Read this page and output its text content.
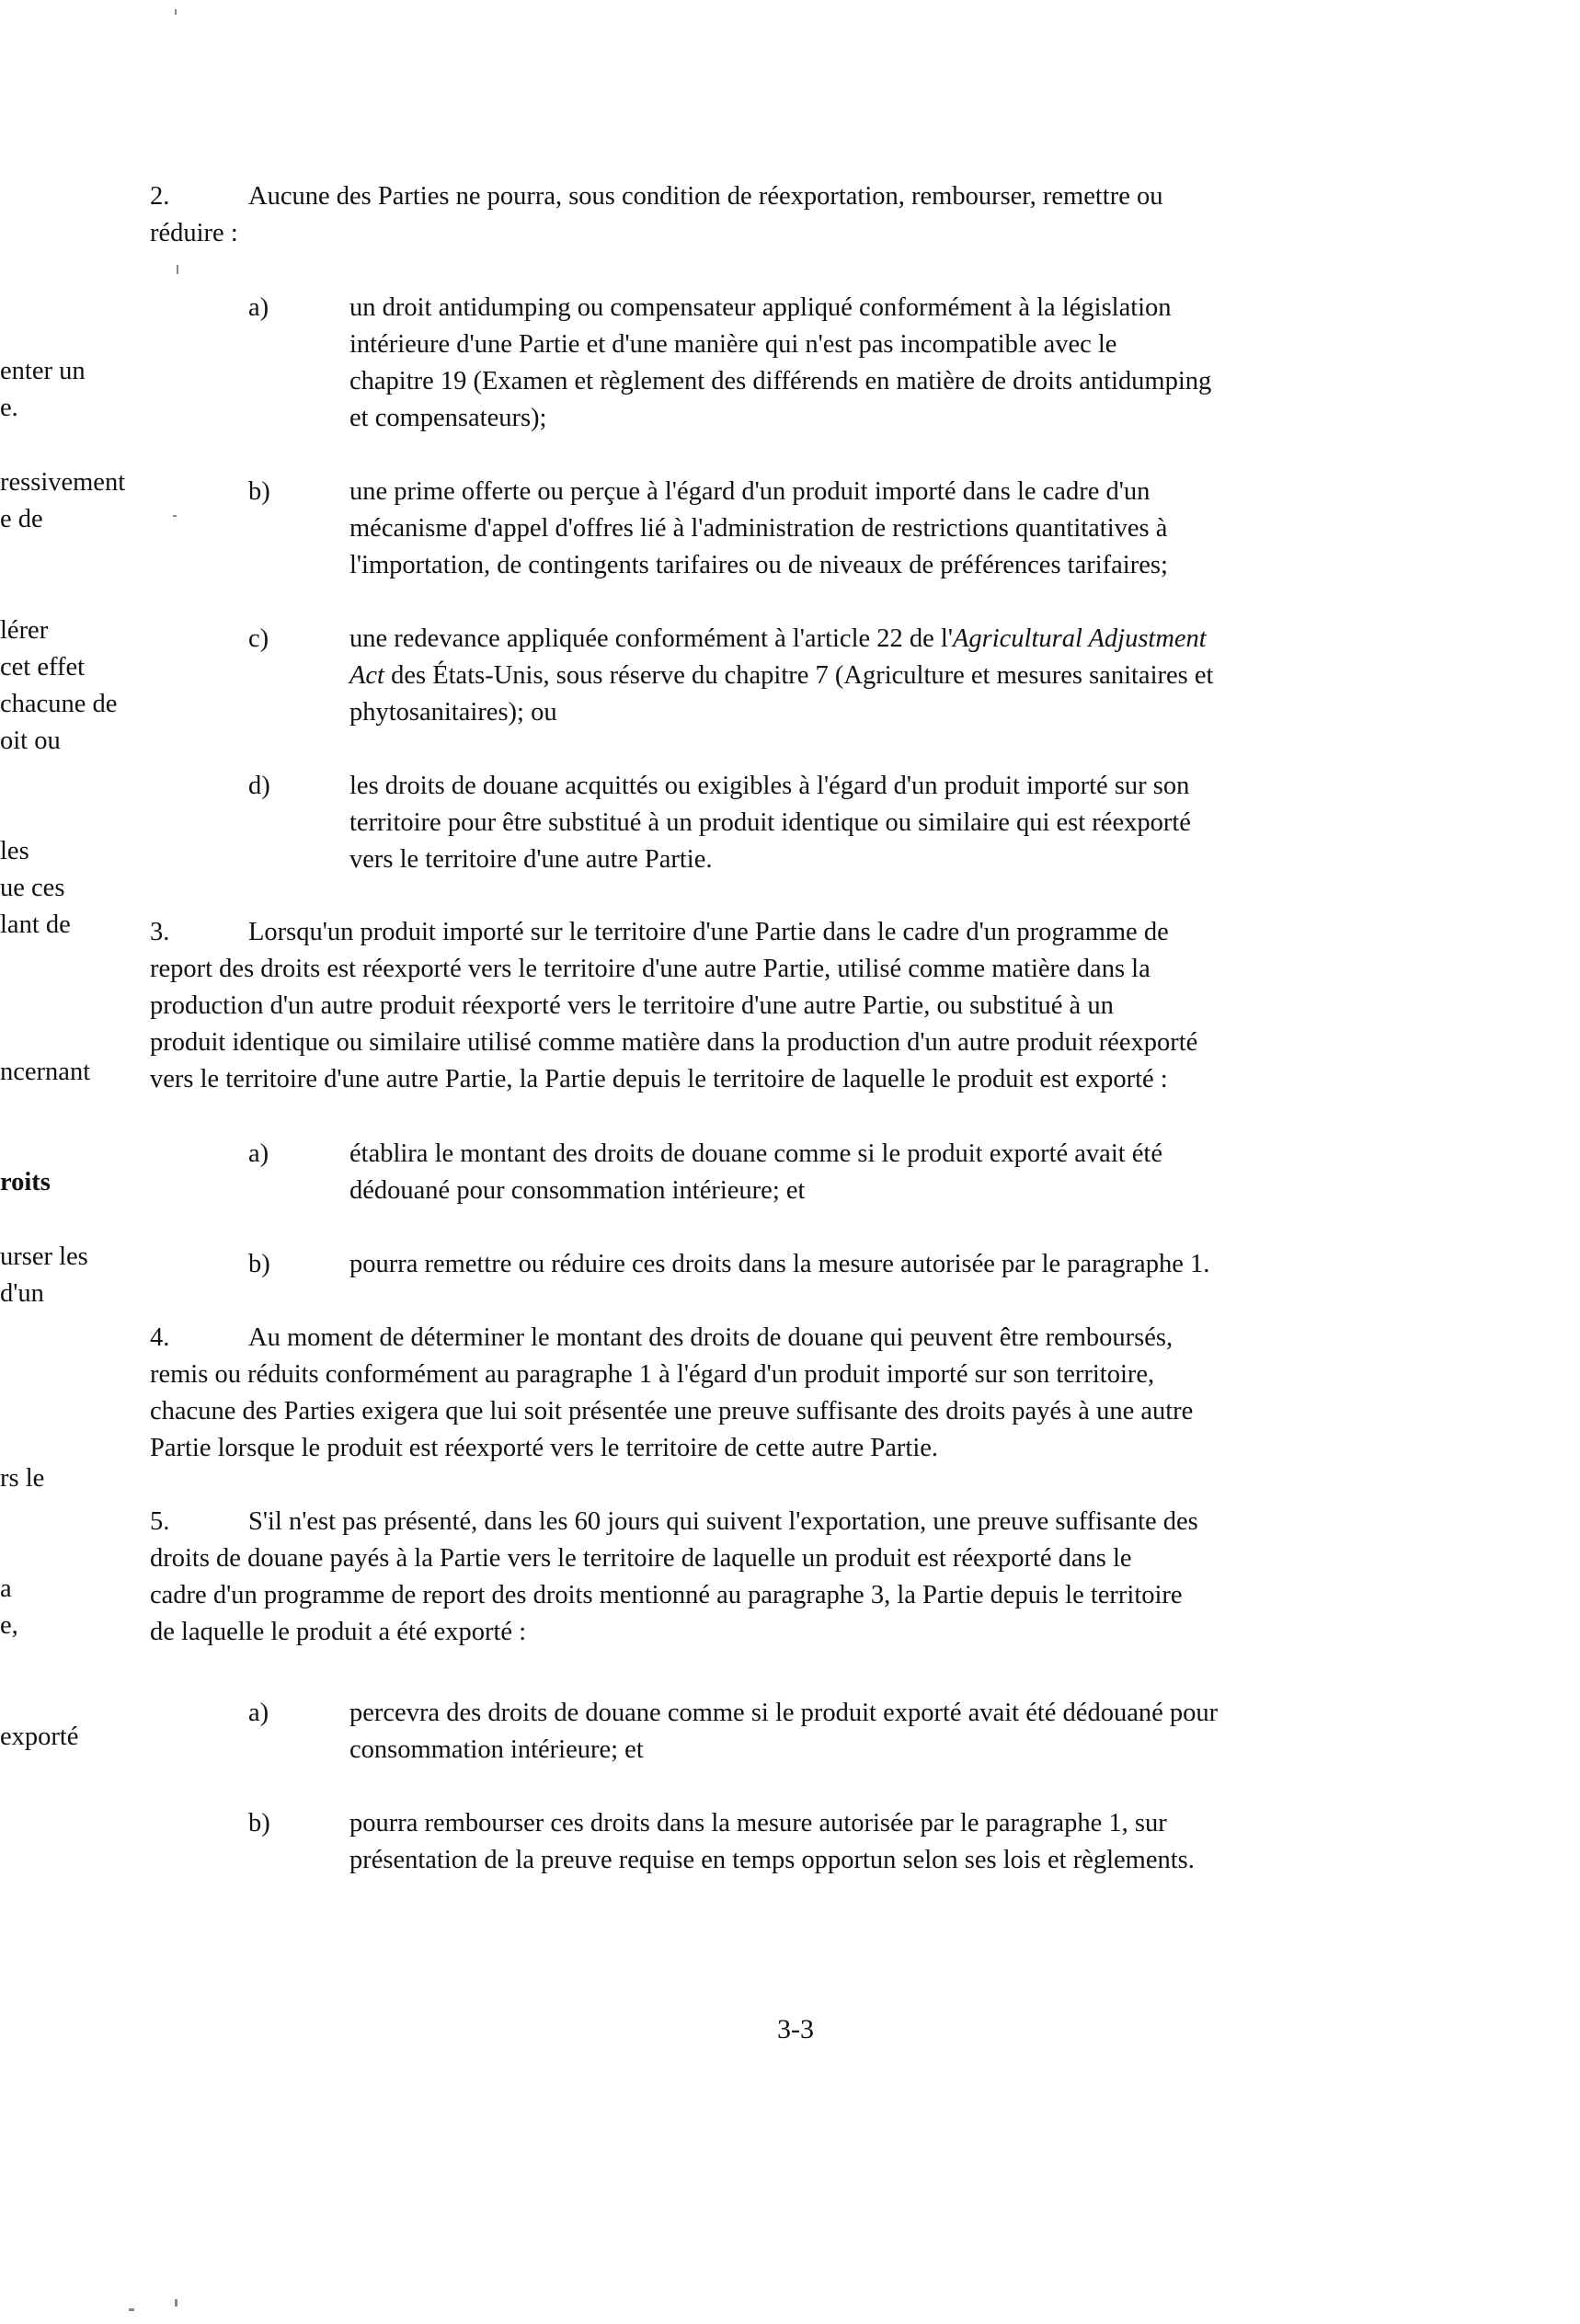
enter un
e.
ressivement
e de
lérer
cet effet
chacune de
oit ou
les
ue ces
lant de
ncernant
roits
urser les
d'un
rs le
a
e,
exporté
2.	Aucune des Parties ne pourra, sous condition de réexportation, rembourser, remettre ou
réduire :
a)	un droit antidumping ou compensateur appliqué conformément à la législation
intérieure d'une Partie et d'une manière qui n'est pas incompatible avec le
chapitre 19 (Examen et règlement des différends en matière de droits antidumping
et compensateurs);
b)	une prime offerte ou perçue à l'égard d'un produit importé dans le cadre d'un
mécanisme d'appel d'offres lié à l'administration de restrictions quantitatives à
l'importation, de contingents tarifaires ou de niveaux de préférences tarifaires;
c)	une redevance appliquée conformément à l'article 22 de l'Agricultural Adjustment
Act des États-Unis, sous réserve du chapitre 7 (Agriculture et mesures sanitaires et
phytosanitaires); ou
d)	les droits de douane acquittés ou exigibles à l'égard d'un produit importé sur son
territoire pour être substitué à un produit identique ou similaire qui est réexporté
vers le territoire d'une autre Partie.
3.	Lorsqu'un produit importé sur le territoire d'une Partie dans le cadre d'un programme de
report des droits est réexporté vers le territoire d'une autre Partie, utilisé comme matière dans la
production d'un autre produit réexporté vers le territoire d'une autre Partie, ou substitué à un
produit identique ou similaire utilisé comme matière dans la production d'un autre produit réexporté
vers le territoire d'une autre Partie, la Partie depuis le territoire de laquelle le produit est exporté :
a)	établira le montant des droits de douane comme si le produit exporté avait été
dédouané pour consommation intérieure; et
b)	pourra remettre ou réduire ces droits dans la mesure autorisée par le paragraphe 1.
4.	Au moment de déterminer le montant des droits de douane qui peuvent être remboursés,
remis ou réduits conformément au paragraphe 1 à l'égard d'un produit importé sur son territoire,
chacune des Parties exigera que lui soit présentée une preuve suffisante des droits payés à une autre
Partie lorsque le produit est réexporté vers le territoire de cette autre Partie.
5.	S'il n'est pas présenté, dans les 60 jours qui suivent l'exportation, une preuve suffisante des
droits de douane payés à la Partie vers le territoire de laquelle un produit est réexporté dans le
cadre d'un programme de report des droits mentionné au paragraphe 3, la Partie depuis le territoire
de laquelle le produit a été exporté :
a)	percevra des droits de douane comme si le produit exporté avait été dédouané pour
consommation intérieure; et
b)	pourra rembourser ces droits dans la mesure autorisée par le paragraphe 1, sur
présentation de la preuve requise en temps opportun selon ses lois et règlements.
3-3
